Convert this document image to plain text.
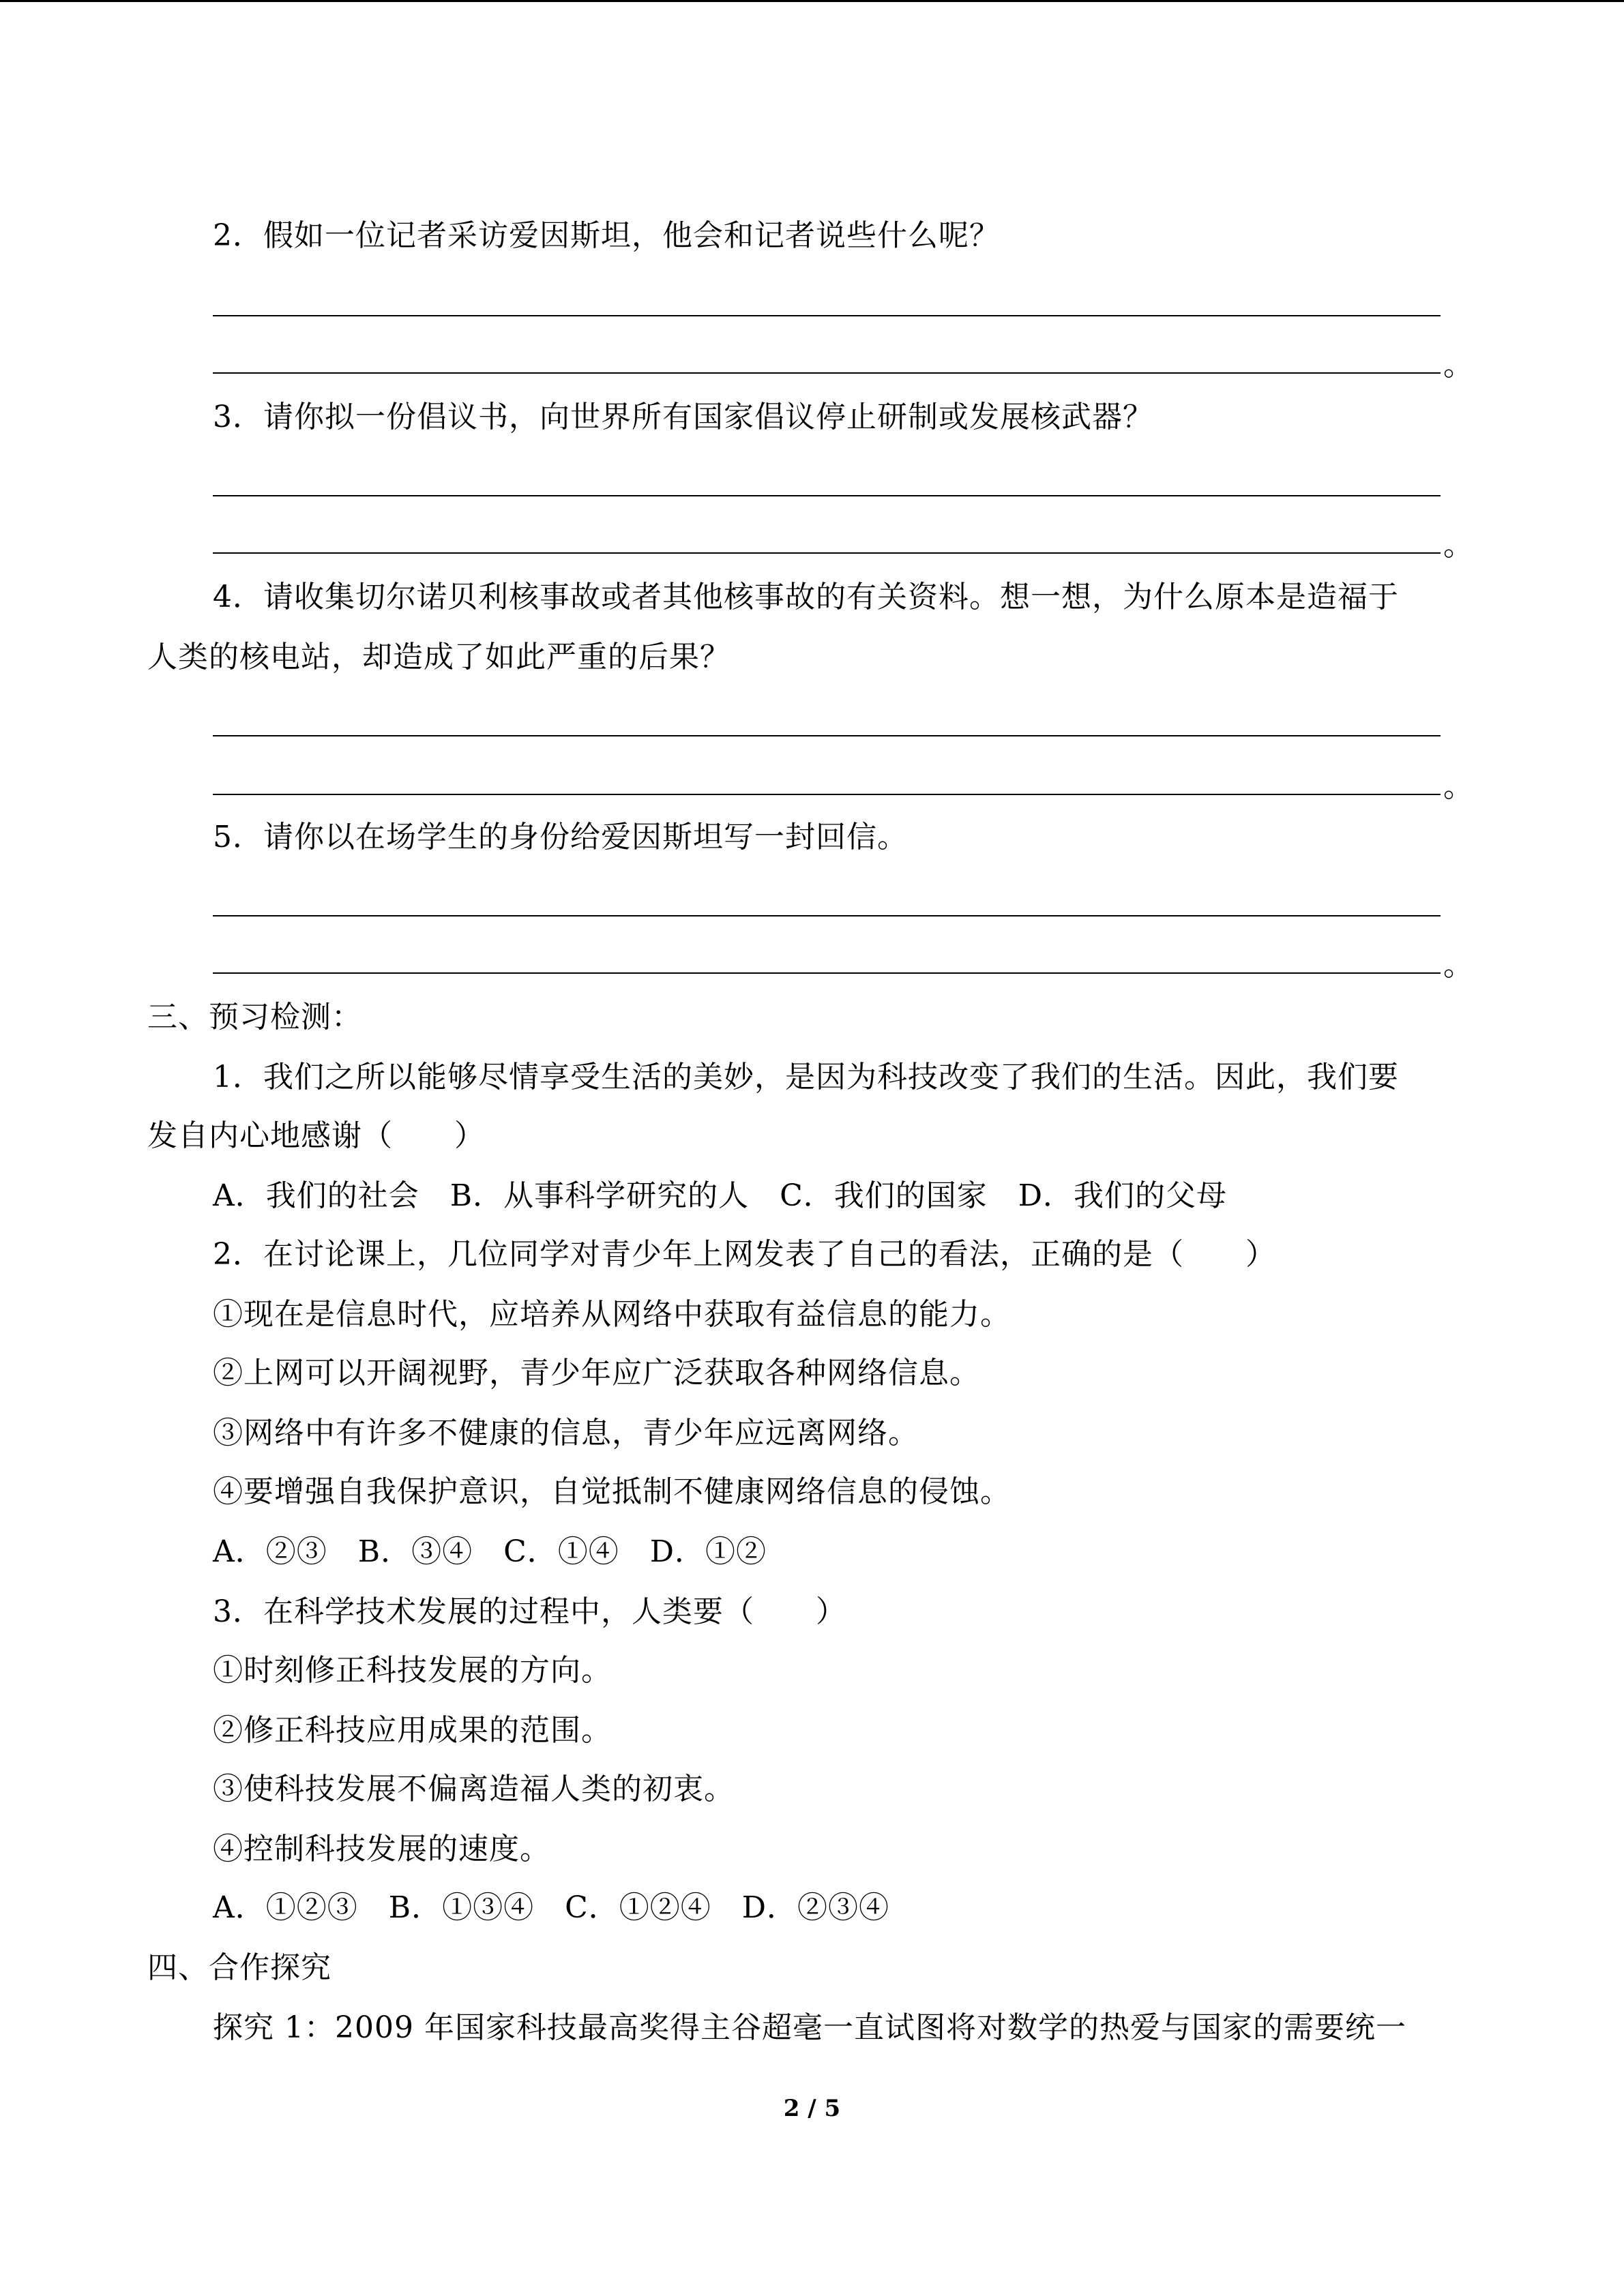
2．假如一位记者采访爱因斯坦，他会和记者说些什么呢？
。
3．请你拟一份倡议书，向世界所有国家倡议停止研制或发展核武器？
。
4．请收集切尔诺贝利核事故或者其他核事故的有关资料。想一想，为什么原本是造福于
人类的核电站，却造成了如此严重的后果？
。
5．请你以在场学生的身份给爱因斯坦写一封回信。
。
三、预习检测：
1．我们之所以能够尽情享受生活的美妙，是因为科技改变了我们的生活。因此，我们要
发自内心地感谢（　　）
A．我们的社会　B．从事科学研究的人　C．我们的国家　D．我们的父母
2．在讨论课上，几位同学对青少年上网发表了自己的看法，正确的是（　　）
①现在是信息时代，应培养从网络中获取有益信息的能力。
②上网可以开阔视野，青少年应广泛获取各种网络信息。
③网络中有许多不健康的信息，青少年应远离网络。
④要增强自我保护意识，自觉抵制不健康网络信息的侵蚀。
A．②③　B．③④　C．①④　D．①②
3．在科学技术发展的过程中，人类要（　　）
①时刻修正科技发展的方向。
②修正科技应用成果的范围。
③使科技发展不偏离造福人类的初衷。
④控制科技发展的速度。
A．①②③　B．①③④　C．①②④　D．②③④
四、合作探究
探究 1：2009 年国家科技最高奖得主谷超毫一直试图将对数学的热爱与国家的需要统一
2 / 5
